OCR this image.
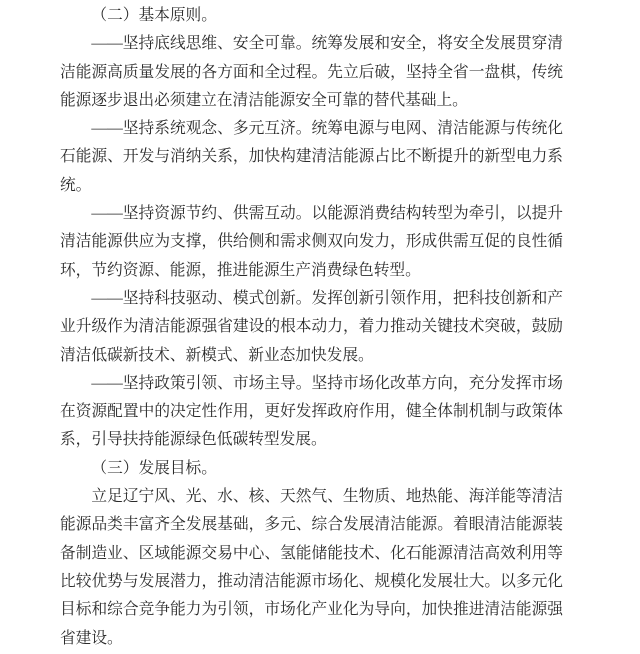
（二）基本原则。

——坚持底线思维、安全可靠。统筹发展和安全，将安全发展贯穿清洁能源高质量发展的各方面和全过程。先立后破，坚持全省一盘棋，传统能源逐步退出必须建立在清洁能源安全可靠的替代基础上。

——坚持系统观念、多元互济。统筹电源与电网、清洁能源与传统化石能源、开发与消纳关系，加快构建清洁能源占比不断提升的新型电力系统。

——坚持资源节约、供需互动。以能源消费结构转型为牵引，以提升清洁能源供应为支撑，供给侧和需求侧双向发力，形成供需互促的良性循环，节约资源、能源，推进能源生产消费绿色转型。

——坚持科技驱动、模式创新。发挥创新引领作用，把科技创新和产业升级作为清洁能源强省建设的根本动力，着力推动关键技术突破，鼓励清洁低碳新技术、新模式、新业态加快发展。

——坚持政策引领、市场主导。坚持市场化改革方向，充分发挥市场在资源配置中的决定性作用，更好发挥政府作用，健全体制机制与政策体系，引导扶持能源绿色低碳转型发展。

（三）发展目标。

立足辽宁风、光、水、核、天然气、生物质、地热能、海洋能等清洁能源品类丰富齐全发展基础，多元、综合发展清洁能源。着眼清洁能源装备制造业、区域能源交易中心、氢能储能技术、化石能源清洁高效利用等比较优势与发展潜力，推动清洁能源市场化、规模化发展壮大。以多元化目标和综合竞争能力为引领，市场化产业化为导向，加快推进清洁能源强省建设。
